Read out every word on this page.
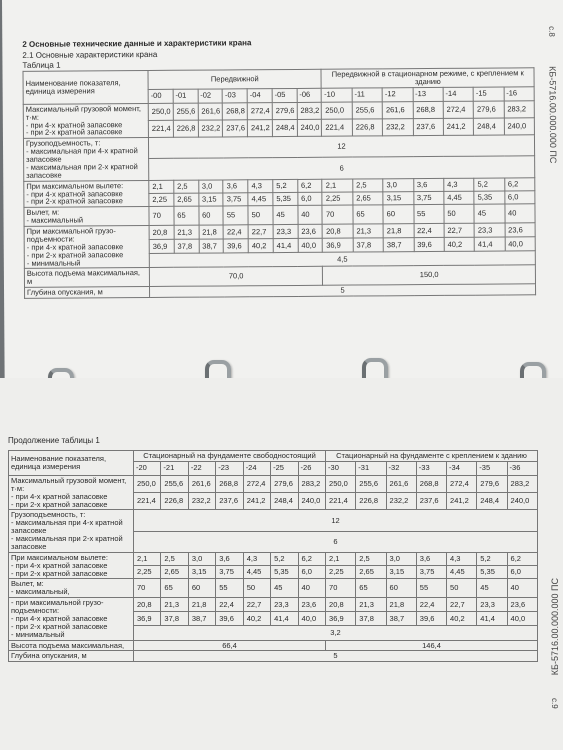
2 Основные технические данные и характеристики крана
2.1 Основные характеристики крана
Таблица 1
с.8
КБ-5716.00.000.000 ПС
Наименование показателя, единица измерения	Передвижной							Передвижной в стационарном режиме, с креплением к зданию						
	-00	-01	-02	-03	-04	-05	-06	-10	-11	-12	-13	-14	-15	-16

Максимальный грузовой момент, т·м:
- при 4-х кратной запасовке
- при 2-х кратной запасовке	250,0	255,6	261,6	268,8	272,4	279,6	283,2	250,0	255,6	261,6	268,8	272,4	279,6	283,2
	221,4	226,8	232,2	237,6	241,2	248,4	240,0	221,4	226,8	232,2	237,6	241,2	248,4	240,0

Грузоподъемность, т:
- максимальная при 4-х кратной запасовке
- максимальная при 2-х кратной запасовке	12													
	6													

При максимальном вылете:
- при 4-х кратной запасовке
- при 2-х кратной запасовке	2,1	2,5	3,0	3,6	4,3	5,2	6,2	2,1	2,5	3,0	3,6	4,3	5,2	6,2
	2,25	2,65	3,15	3,75	4,45	5,35	6,0	2,25	2,65	3,15	3,75	4,45	5,35	6,0

Вылет, м:
- максимальный	70	65	60	55	50	45	40	70	65	60	55	50	45	40

При максимальной грузо-подъемности:
- при 4-х кратной запасовке
- при 2-х кратной запасовке
- минимальный	20,8	21,3	21,8	22,4	22,7	23,3	23,6	20,8	21,3	21,8	22,4	22,7	23,3	23,6
	36,9	37,8	38,7	39,6	40,2	41,4	40,0	36,9	37,8	38,7	39,6	40,2	41,4	40,0
	4,5													
Высота подъема максимальная, м	70,0							150,0						
Глубина опускания, м	5													
Продолжение таблицы 1
с.9
КБ-5716.00.000.000 ПС
Наименование показателя, единица измерения	Стационарный на фундаменте свободностоящий							Стационарный на фундаменте с креплением к зданию						
	-20	-21	-22	-23	-24	-25	-26	-30	-31	-32	-33	-34	-35	-36

Максимальный грузовой момент, т·м:
- при 4-х кратной запасовке
- при 2-х кратной запасовке	250,0	255,6	261,6	268,8	272,4	279,6	283,2	250,0	255,6	261,6	268,8	272,4	279,6	283,2
	221,4	226,8	232,2	237,6	241,2	248,4	240,0	221,4	226,8	232,2	237,6	241,2	248,4	240,0

Грузоподъемность, т:
- максимальная при 4-х кратной запасовке
- максимальная при 2-х кратной запасовке	12													
	6													

При максимальном вылете:
- при 4-х кратной запасовке
- при 2-х кратной запасовке	2,1	2,5	3,0	3,6	4,3	5,2	6,2	2,1	2,5	3,0	3,6	4,3	5,2	6,2
	2,25	2,65	3,15	3,75	4,45	5,35	6,0	2,25	2,65	3,15	3,75	4,45	5,35	6,0

Вылет, м:
- максимальный,	70	65	60	55	50	45	40	70	65	60	55	50	45	40

- при максимальной грузо-подъемности:
- при 4-х кратной запасовке
- при 2-х кратной запасовке
- минимальный	20,8	21,3	21,8	22,4	22,7	23,3	23,6	20,8	21,3	21,8	22,4	22,7	23,3	23,6
	36,9	37,8	38,7	39,6	40,2	41,4	40,0	36,9	37,8	38,7	39,6	40,2	41,4	40,0
	3,2													
Высота подъема максимальная,	66,4							146,4						
Глубина опускания, м	5													
